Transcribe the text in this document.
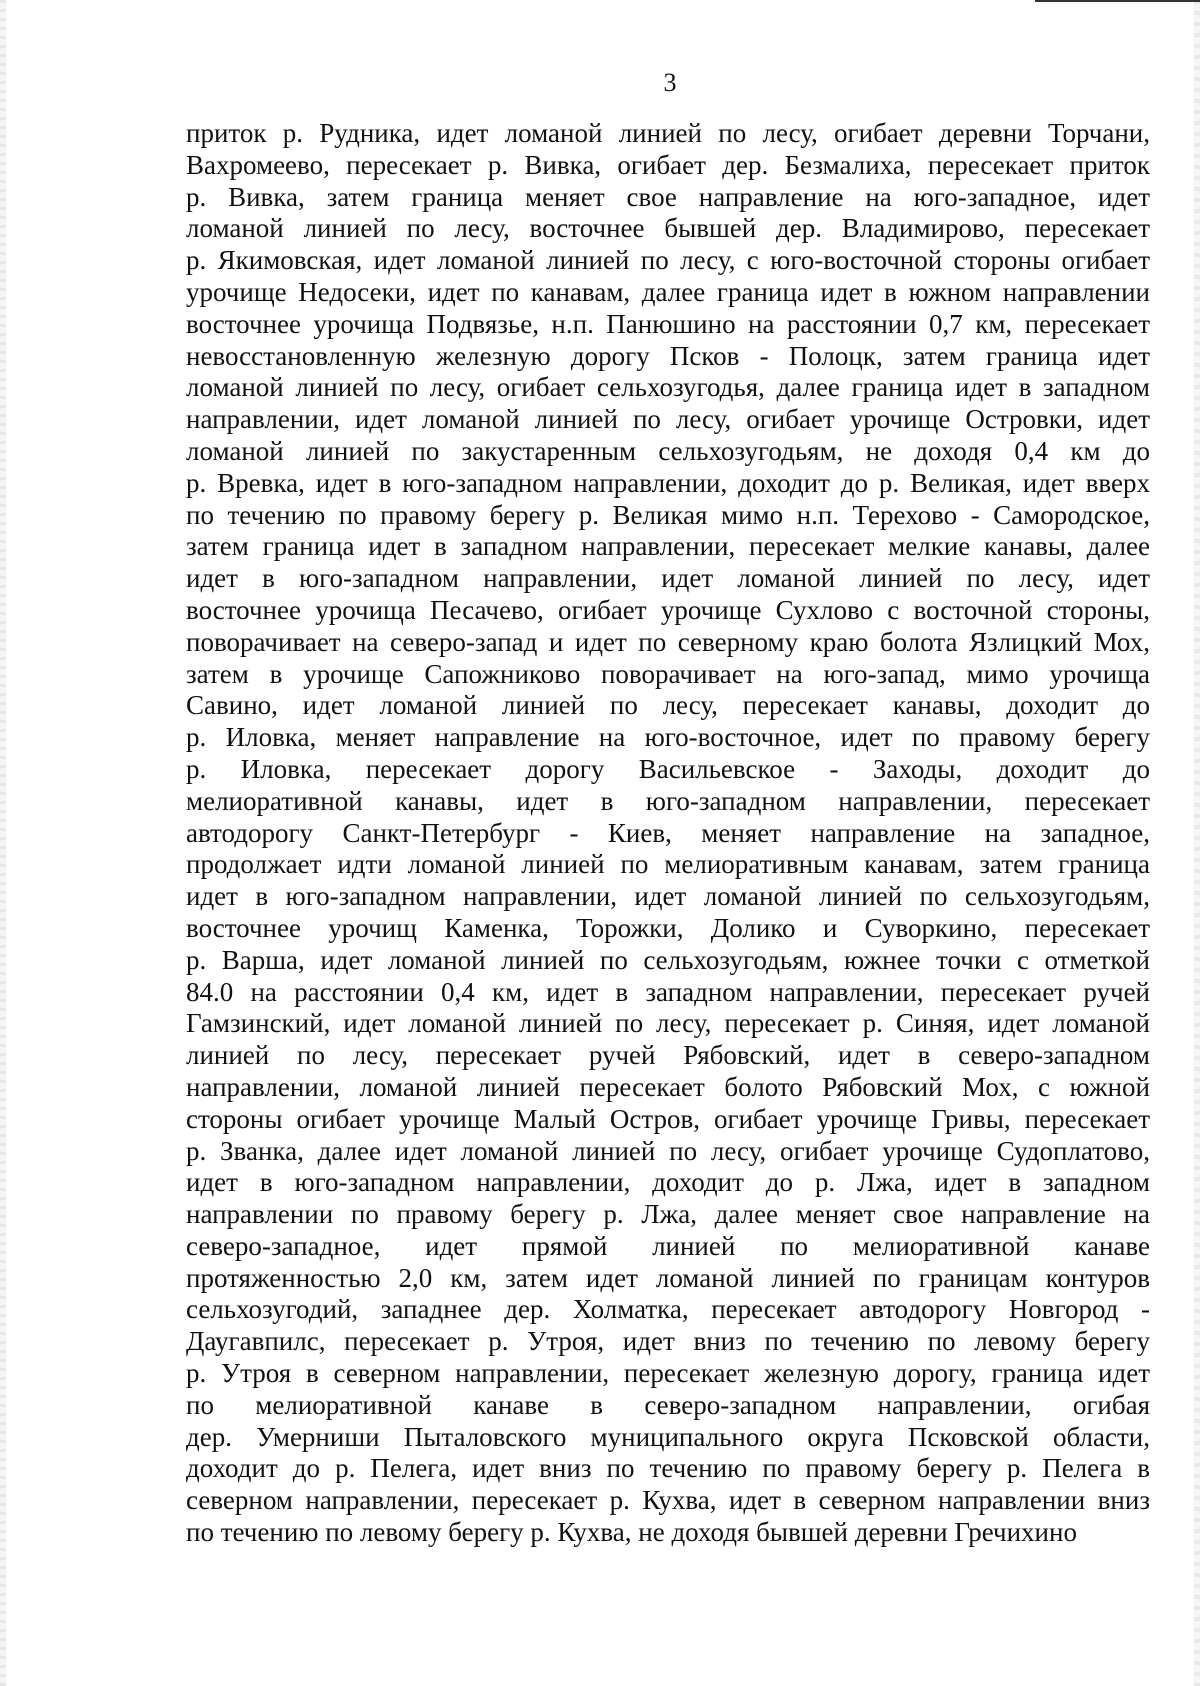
3
приток р. Рудника, идет ломаной линией по лесу, огибает деревни Торчани,
Вахромеево, пересекает р. Вивка, огибает дер. Безмалиха, пересекает приток
р. Вивка, затем граница меняет свое направление на юго-западное, идет
ломаной линией по лесу, восточнее бывшей дер. Владимирово, пересекает
р. Якимовская, идет ломаной линией по лесу, с юго-восточной стороны огибает
урочище Недосеки, идет по канавам, далее граница идет в южном направлении
восточнее урочища Подвязье, н.п. Панюшино на расстоянии 0,7 км, пересекает
невосстановленную железную дорогу Псков - Полоцк, затем граница идет
ломаной линией по лесу, огибает сельхозугодья, далее граница идет в западном
направлении, идет ломаной линией по лесу, огибает урочище Островки, идет
ломаной линией по закустаренным сельхозугодьям, не доходя 0,4 км до
р. Вревка, идет в юго-западном направлении, доходит до р. Великая, идет вверх
по течению по правому берегу р. Великая мимо н.п. Терехово - Самородское,
затем граница идет в западном направлении, пересекает мелкие канавы, далее
идет в юго-западном направлении, идет ломаной линией по лесу, идет
восточнее урочища Песачево, огибает урочище Сухлово с восточной стороны,
поворачивает на северо-запад и идет по северному краю болота Язлицкий Мох,
затем в урочище Сапожниково поворачивает на юго-запад, мимо урочища
Савино, идет ломаной линией по лесу, пересекает канавы, доходит до
р. Иловка, меняет направление на юго-восточное, идет по правому берегу
р. Иловка, пересекает дорогу Васильевское - Заходы, доходит до
мелиоративной канавы, идет в юго-западном направлении, пересекает
автодорогу Санкт-Петербург - Киев, меняет направление на западное,
продолжает идти ломаной линией по мелиоративным канавам, затем граница
идет в юго-западном направлении, идет ломаной линией по сельхозугодьям,
восточнее урочищ Каменка, Торожки, Долико и Суворкино, пересекает
р. Варша, идет ломаной линией по сельхозугодьям, южнее точки с отметкой
84.0 на расстоянии 0,4 км, идет в западном направлении, пересекает ручей
Гамзинский, идет ломаной линией по лесу, пересекает р. Синяя, идет ломаной
линией по лесу, пересекает ручей Рябовский, идет в северо-западном
направлении, ломаной линией пересекает болото Рябовский Мох, с южной
стороны огибает урочище Малый Остров, огибает урочище Гривы, пересекает
р. Званка, далее идет ломаной линией по лесу, огибает урочище Судоплатово,
идет в юго-западном направлении, доходит до р. Лжа, идет в западном
направлении по правому берегу р. Лжа, далее меняет свое направление на
северо-западное, идет прямой линией по мелиоративной канаве
протяженностью 2,0 км, затем идет ломаной линией по границам контуров
сельхозугодий, западнее дер. Холматка, пересекает автодорогу Новгород -
Даугавпилс, пересекает р. Утроя, идет вниз по течению по левому берегу
р. Утроя в северном направлении, пересекает железную дорогу, граница идет
по мелиоративной канаве в северо-западном направлении, огибая
дер. Умерниши Пыталовского муниципального округа Псковской области,
доходит до р. Пелега, идет вниз по течению по правому берегу р. Пелега в
северном направлении, пересекает р. Кухва, идет в северном направлении вниз
по течению по левому берегу р. Кухва, не доходя бывшей деревни Гречихино
